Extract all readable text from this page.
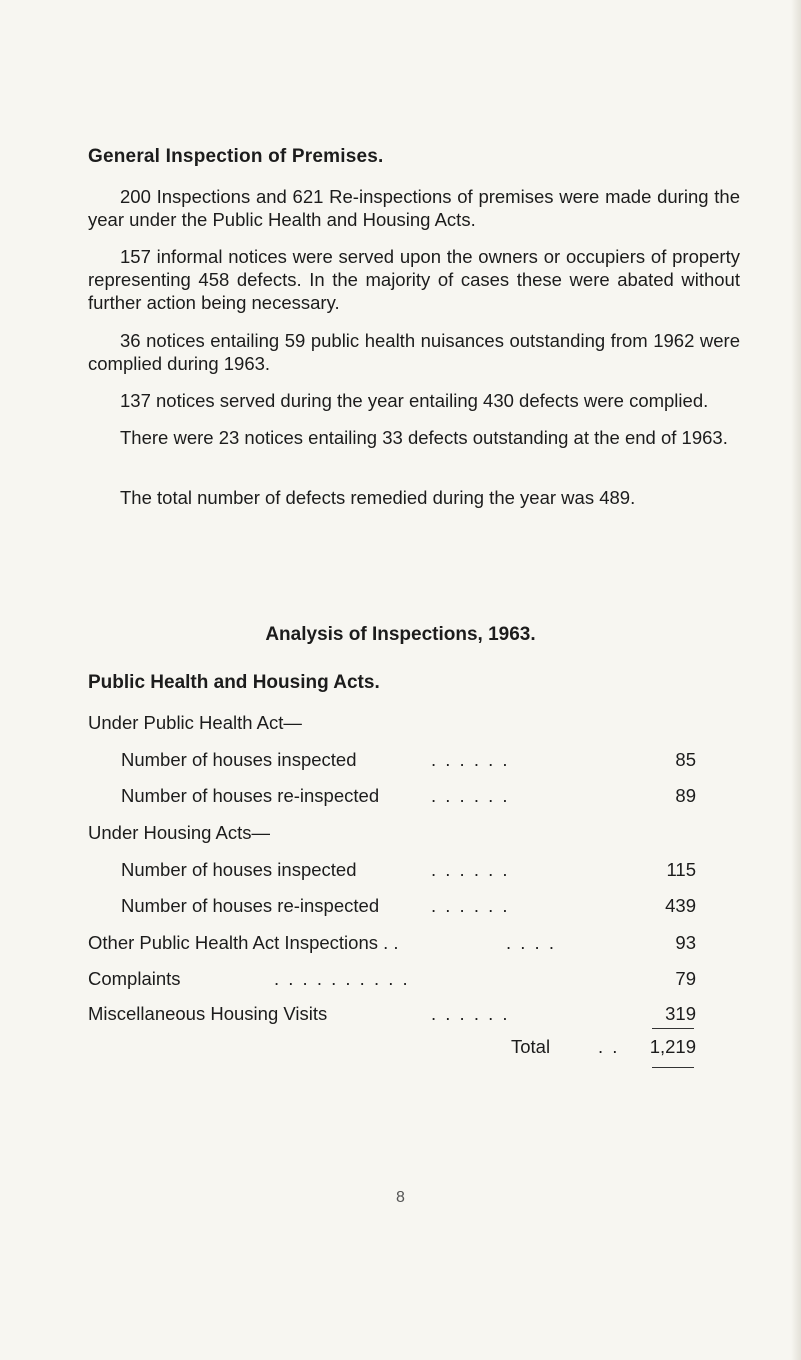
General Inspection of Premises.
200 Inspections and 621 Re-inspections of premises were made during the year under the Public Health and Housing Acts.
157 informal notices were served upon the owners or occupiers of property representing 458 defects. In the majority of cases these were abated without further action being necessary.
36 notices entailing 59 public health nuisances outstanding from 1962 were complied during 1963.
137 notices served during the year entailing 430 defects were complied.
There were 23 notices entailing 33 defects outstanding at the end of 1963.
The total number of defects remedied during the year was 489.
Analysis of Inspections, 1963.
Public Health and Housing Acts.
Under Public Health Act—
Number of houses inspected	. . . . . .	85
Number of houses re-inspected	. . . . . .	89
Under Housing Acts—
Number of houses inspected	. . . . . .	115
Number of houses re-inspected	. . . . . .	439
Other Public Health Act Inspections . .	. . . .	93
Complaints	. . . . . . . . . .	79
Miscellaneous Housing Visits	. . . . . .	319
Total	. .	1,219
8
